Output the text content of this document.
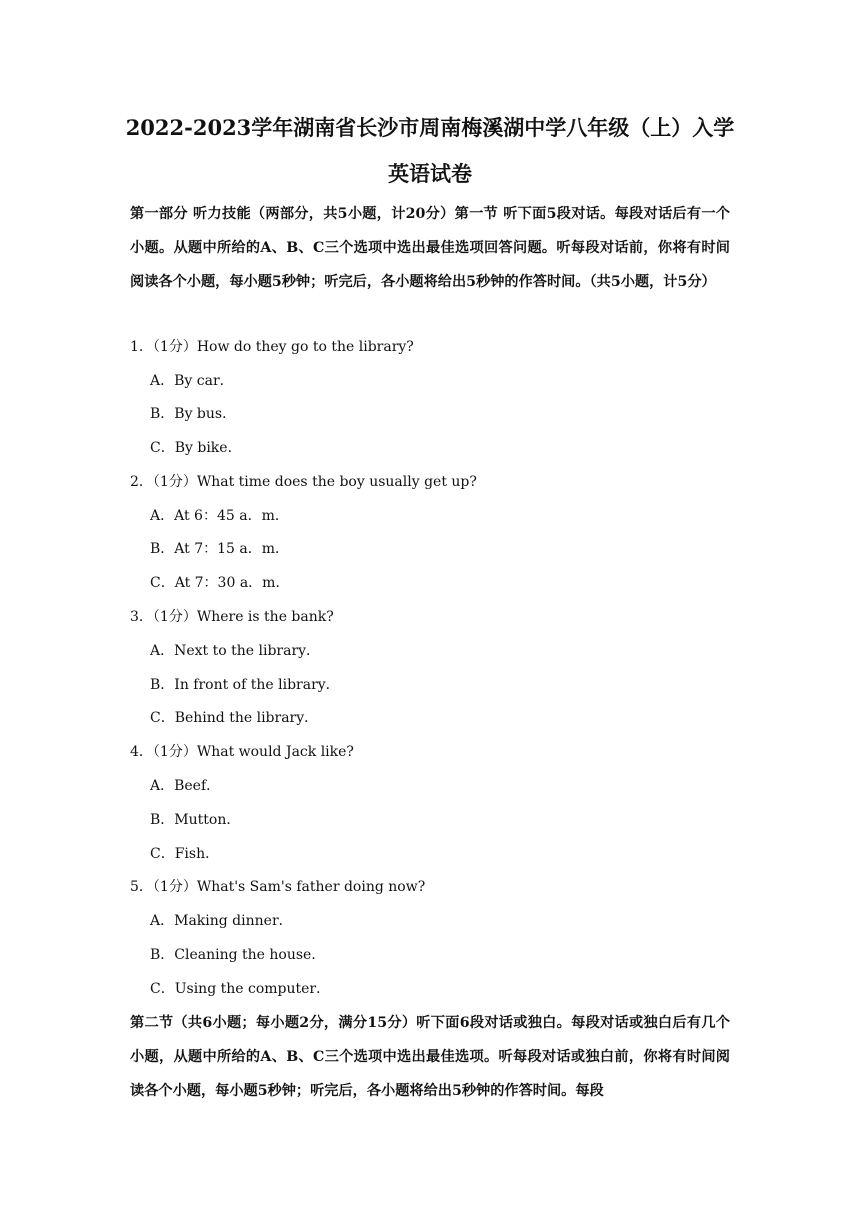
2022-2023学年湖南省长沙市周南梅溪湖中学八年级（上）入学
英语试卷

第一部分 听力技能（两部分，共5小题，计20分）第一节 听下面5段对话。每段对话后有一个小题。从题中所给的A、B、C三个选项中选出最佳选项回答问题。听每段对话前，你将有时间阅读各个小题，每小题5秒钟；听完后，各小题将给出5秒钟的作答时间。（共5小题，计5分）

1．（1分）How do they go to the library?

A．By car．

B．By bus．

C．By bike．

2．（1分）What time does the boy usually get up?

A．At 6：45 a．m．

B．At 7：15 a．m．

C．At 7：30 a．m．

3．（1分）Where is the bank?

A．Next to the library．

B．In front of the library．

C．Behind the library．

4．（1分）What would Jack like?

A．Beef．

B．Mutton．

C．Fish．

5．（1分）What's Sam's father doing now?

A．Making dinner．

B．Cleaning the house．

C．Using the computer．

第二节（共6小题；每小题2分，满分15分）听下面6段对话或独白。每段对话或独白后有几个小题，从题中所给的A、B、C三个选项中选出最佳选项。听每段对话或独白前，你将有时间阅读各个小题，每小题5秒钟；听完后，各小题将给出5秒钟的作答时间。每段
